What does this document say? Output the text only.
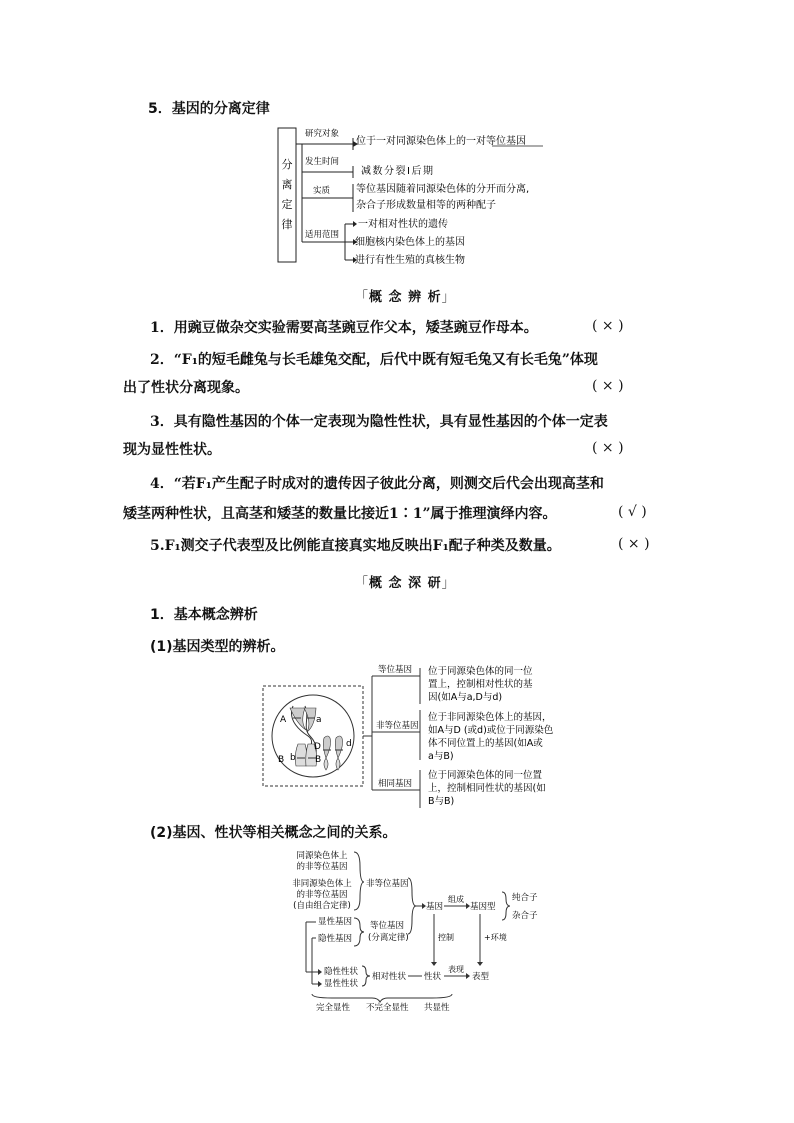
5．基因的分离定律
分
离
定
律
研究对象
位于一对同源染色体上的一对等位基因
发生时间
减数分裂Ⅰ后期
实质	等位基因随着同源染色体的分开而分离,
杂合子形成数量相等的两种配子
适用范围
一对相对性状的遗传
细胞核内染色体上的基因
进行有性生殖的真核生物
「 概 念 辨 析 」
1．用豌豆做杂交实验需要高茎豌豆作父本，矮茎豌豆作母本。	( × )
2．“F₁的短毛雌兔与长毛雄兔交配，后代中既有短毛兔又有长毛兔”体现
出了性状分离现象。	( × )
3．具有隐性基因的个体一定表现为隐性性状，具有显性基因的个体一定表
现为显性性状。	( × )
4．“若F₁产生配子时成对的遗传因子彼此分离，则测交后代会出现高茎和
矮茎两种性状，且高茎和矮茎的数量比接近1∶1”属于推理演绎内容。	( √ )
5.F₁测交子代表型及比例能直接真实地反映出F₁配子种类及数量。	( × )
「 概 念 深 研 」
1．基本概念辨析
(1)基因类型的辨析。
A	a
B b
D
B
d
等位基因
非等位基因
相同基因
位于同源染色体的同一位
置上，控制相对性状的基
因(如A与a,D与d)
位于非同源染色体上的基因，
如A与D (或d)或位于同源染色
体不同位置上的基因(如A或
a与B)
位于同源染色体的同一位置
上，控制相同性状的基因(如
B与B)
(2)基因、性状等相关概念之间的关系。
同源染色体上
的非等位基因
非同源染色体上
的非等位基因
(自由组合定律)
非等位基因
显性基因
隐性基因
等位基因
(分离定律)
基因
组成
基因型
纯合子
杂合子
控制	+环境
隐性性状
显性性状
相对性状 性状
表现
表型
完全显性 不完全显性 共显性
